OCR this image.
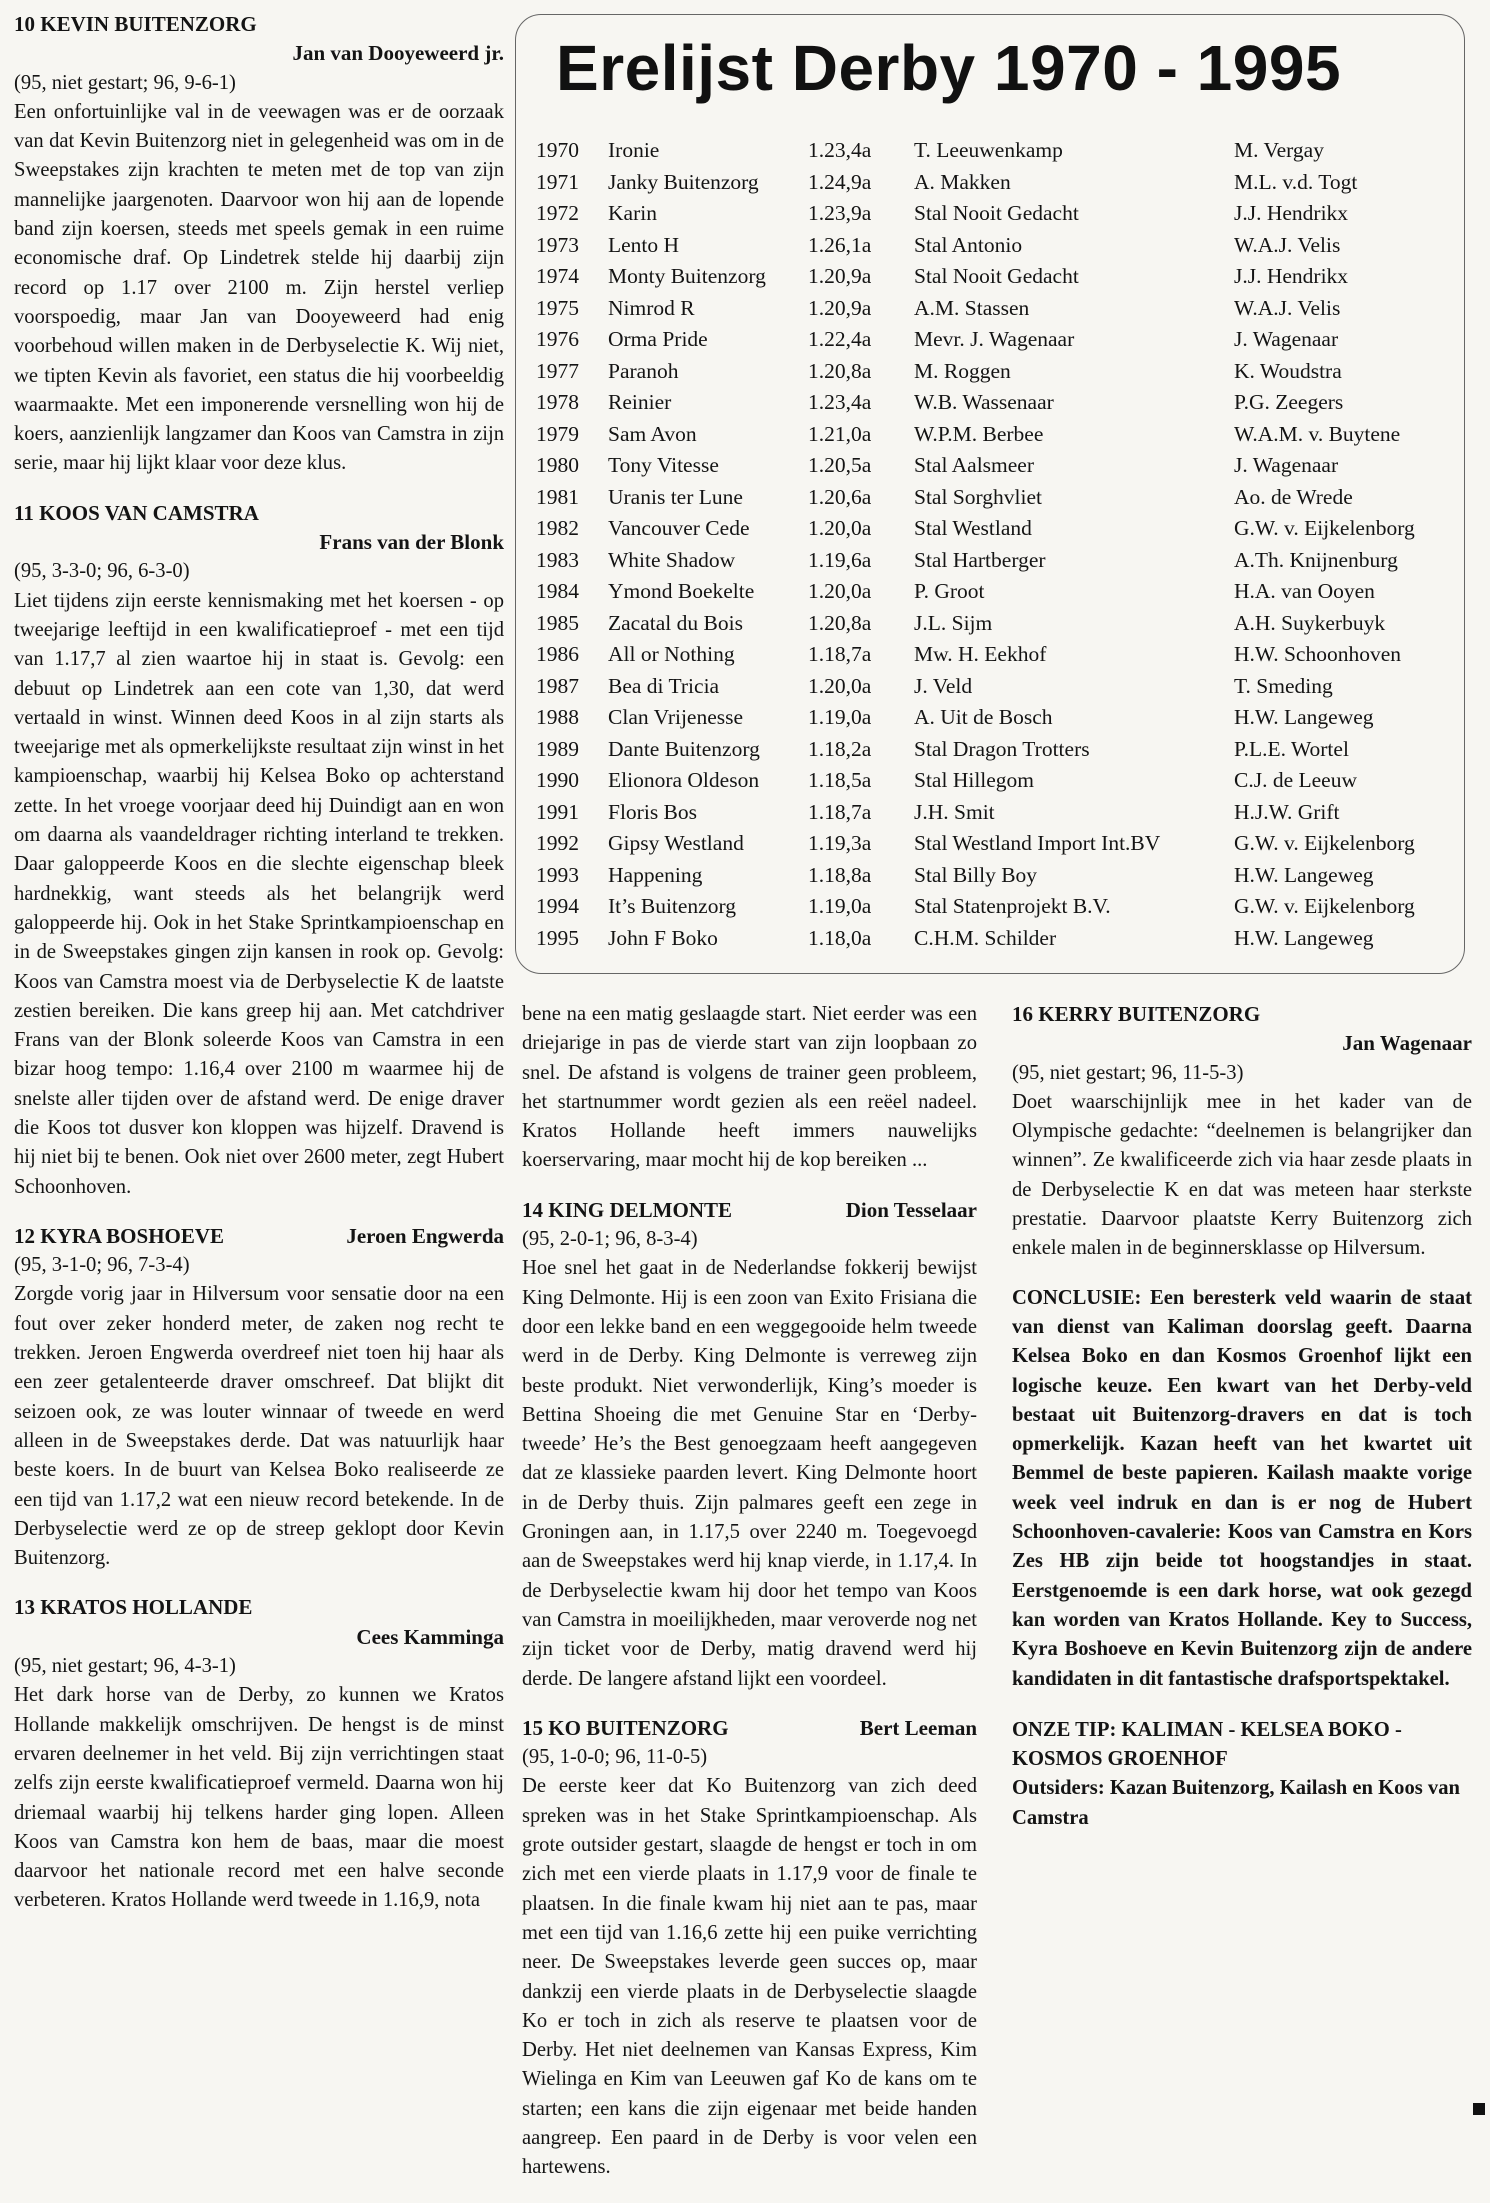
10 KEVIN BUITENZORG
Jan van Dooyeweerd jr.
(95, niet gestart; 96, 9-6-1)

Een onfortuinlijke val in de veewagen was er de oorzaak van dat Kevin Buitenzorg niet in gelegenheid was om in de Sweepstakes zijn krachten te meten met de top van zijn mannelijke jaargenoten. Daarvoor won hij aan de lopende band zijn koersen, steeds met speels gemak in een ruime economische draf. Op Lindetrek stelde hij daarbij zijn record op 1.17 over 2100 m. Zijn herstel verliep voorspoedig, maar Jan van Dooyeweerd had enig voorbehoud willen maken in de Derbyselectie K. Wij niet, we tipten Kevin als favoriet, een status die hij voorbeeldig waarmaakte. Met een imponerende versnelling won hij de koers, aanzienlijk langzamer dan Koos van Camstra in zijn serie, maar hij lijkt klaar voor deze klus.

11 KOOS VAN CAMSTRA
Frans van der Blonk
(95, 3-3-0; 96, 6-3-0)

Liet tijdens zijn eerste kennismaking met het koersen - op tweejarige leeftijd in een kwalificatieproef - met een tijd van 1.17,7 al zien waartoe hij in staat is. Gevolg: een debuut op Lindetrek aan een cote van 1,30, dat werd vertaald in winst. Winnen deed Koos in al zijn starts als tweejarige met als opmerkelijkste resultaat zijn winst in het kampioenschap, waarbij hij Kelsea Boko op achterstand zette. In het vroege voorjaar deed hij Duindigt aan en won om daarna als vaandeldrager richting interland te trekken. Daar galoppeerde Koos en die slechte eigenschap bleek hardnekkig, want steeds als het belangrijk werd galoppeerde hij. Ook in het Stake Sprintkampioenschap en in de Sweepstakes gingen zijn kansen in rook op. Gevolg: Koos van Camstra moest via de Derbyselectie K de laatste zestien bereiken. Die kans greep hij aan. Met catchdriver Frans van der Blonk soleerde Koos van Camstra in een bizar hoog tempo: 1.16,4 over 2100 m waarmee hij de snelste aller tijden over de afstand werd. De enige draver die Koos tot dusver kon kloppen was hijzelf. Dravend is hij niet bij te benen. Ook niet over 2600 meter, zegt Hubert Schoonhoven.

12 KYRA BOSHOEVE	Jeroen Engwerda
(95, 3-1-0; 96, 7-3-4)

Zorgde vorig jaar in Hilversum voor sensatie door na een fout over zeker honderd meter, de zaken nog recht te trekken. Jeroen Engwerda overdreef niet toen hij haar als een zeer getalenteerde draver omschreef. Dat blijkt dit seizoen ook, ze was louter winnaar of tweede en werd alleen in de Sweepstakes derde. Dat was natuurlijk haar beste koers. In de buurt van Kelsea Boko realiseerde ze een tijd van 1.17,2 wat een nieuw record betekende. In de Derbyselectie werd ze op de streep geklopt door Kevin Buitenzorg.

13 KRATOS HOLLANDE
Cees Kamminga
(95, niet gestart; 96, 4-3-1)

Het dark horse van de Derby, zo kunnen we Kratos Hollande makkelijk omschrijven. De hengst is de minst ervaren deelnemer in het veld. Bij zijn verrichtingen staat zelfs zijn eerste kwalificatieproef vermeld. Daarna won hij driemaal waarbij hij telkens harder ging lopen. Alleen Koos van Camstra kon hem de baas, maar die moest daarvoor het nationale record met een halve seconde verbeteren. Kratos Hollande werd tweede in 1.16,9, nota

Erelijst Derby 1970 - 1995
1970	Ironie	1.23,4a	T. Leeuwenkamp	M. Vergay
1971	Janky Buitenzorg	1.24,9a	A. Makken	M.L. v.d. Togt
1972	Karin	1.23,9a	Stal Nooit Gedacht	J.J. Hendrikx
1973	Lento H	1.26,1a	Stal Antonio	W.A.J. Velis
1974	Monty Buitenzorg	1.20,9a	Stal Nooit Gedacht	J.J. Hendrikx
1975	Nimrod R	1.20,9a	A.M. Stassen	W.A.J. Velis
1976	Orma Pride	1.22,4a	Mevr. J. Wagenaar	J. Wagenaar
1977	Paranoh	1.20,8a	M. Roggen	K. Woudstra
1978	Reinier	1.23,4a	W.B. Wassenaar	P.G. Zeegers
1979	Sam Avon	1.21,0a	W.P.M. Berbee	W.A.M. v. Buytene
1980	Tony Vitesse	1.20,5a	Stal Aalsmeer	J. Wagenaar
1981	Uranis ter Lune	1.20,6a	Stal Sorghvliet	Ao. de Wrede
1982	Vancouver Cede	1.20,0a	Stal Westland	G.W. v. Eijkelenborg
1983	White Shadow	1.19,6a	Stal Hartberger	A.Th. Knijnenburg
1984	Ymond Boekelte	1.20,0a	P. Groot	H.A. van Ooyen
1985	Zacatal du Bois	1.20,8a	J.L. Sijm	A.H. Suykerbuyk
1986	All or Nothing	1.18,7a	Mw. H. Eekhof	H.W. Schoonhoven
1987	Bea di Tricia	1.20,0a	J. Veld	T. Smeding
1988	Clan Vrijenesse	1.19,0a	A. Uit de Bosch	H.W. Langeweg
1989	Dante Buitenzorg	1.18,2a	Stal Dragon Trotters	P.L.E. Wortel
1990	Elionora Oldeson	1.18,5a	Stal Hillegom	C.J. de Leeuw
1991	Floris Bos	1.18,7a	J.H. Smit	H.J.W. Grift
1992	Gipsy Westland	1.19,3a	Stal Westland Import Int.BV	G.W. v. Eijkelenborg
1993	Happening	1.18,8a	Stal Billy Boy	H.W. Langeweg
1994	It’s Buitenzorg	1.19,0a	Stal Statenprojekt B.V.	G.W. v. Eijkelenborg
1995	John F Boko	1.18,0a	C.H.M. Schilder	H.W. Langeweg

bene na een matig geslaagde start. Niet eerder was een driejarige in pas de vierde start van zijn loopbaan zo snel. De afstand is volgens de trainer geen probleem, het startnummer wordt gezien als een reëel nadeel. Kratos Hollande heeft immers nauwelijks koerservaring, maar mocht hij de kop bereiken ...

14 KING DELMONTE	Dion Tesselaar
(95, 2-0-1; 96, 8-3-4)

Hoe snel het gaat in de Nederlandse fokkerij bewijst King Delmonte. Hij is een zoon van Exito Frisiana die door een lekke band en een weggegooide helm tweede werd in de Derby. King Delmonte is verreweg zijn beste produkt. Niet verwonderlijk, King’s moeder is Bettina Shoeing die met Genuine Star en ‘Derby-tweede’ He’s the Best genoegzaam heeft aangegeven dat ze klassieke paarden levert. King Delmonte hoort in de Derby thuis. Zijn palmares geeft een zege in Groningen aan, in 1.17,5 over 2240 m. Toegevoegd aan de Sweepstakes werd hij knap vierde, in 1.17,4. In de Derbyselectie kwam hij door het tempo van Koos van Camstra in moeilijkheden, maar veroverde nog net zijn ticket voor de Derby, matig dravend werd hij derde. De langere afstand lijkt een voordeel.

15 KO BUITENZORG	Bert Leeman
(95, 1-0-0; 96, 11-0-5)

De eerste keer dat Ko Buitenzorg van zich deed spreken was in het Stake Sprintkampioenschap. Als grote outsider gestart, slaagde de hengst er toch in om zich met een vierde plaats in 1.17,9 voor de finale te plaatsen. In die finale kwam hij niet aan te pas, maar met een tijd van 1.16,6 zette hij een puike verrichting neer. De Sweepstakes leverde geen succes op, maar dankzij een vierde plaats in de Derbyselectie slaagde Ko er toch in zich als reserve te plaatsen voor de Derby. Het niet deelnemen van Kansas Express, Kim Wielinga en Kim van Leeuwen gaf Ko de kans om te starten; een kans die zijn eigenaar met beide handen aangreep. Een paard in de Derby is voor velen een hartewens.

16 KERRY BUITENZORG
Jan Wagenaar
(95, niet gestart; 96, 11-5-3)

Doet waarschijnlijk mee in het kader van de Olympische gedachte: “deelnemen is belangrijker dan winnen”. Ze kwalificeerde zich via haar zesde plaats in de Derbyselectie K en dat was meteen haar sterkste prestatie. Daarvoor plaatste Kerry Buitenzorg zich enkele malen in de beginnersklasse op Hilversum.

CONCLUSIE: Een beresterk veld waarin de staat van dienst van Kaliman doorslag geeft. Daarna Kelsea Boko en dan Kosmos Groenhof lijkt een logische keuze. Een kwart van het Derby-veld bestaat uit Buitenzorg-dravers en dat is toch opmerkelijk. Kazan heeft van het kwartet uit Bemmel de beste papieren. Kailash maakte vorige week veel indruk en dan is er nog de Hubert Schoonhoven-cavalerie: Koos van Camstra en Kors Zes HB zijn beide tot hoogstandjes in staat. Eerstgenoemde is een dark horse, wat ook gezegd kan worden van Kratos Hollande. Key to Success, Kyra Boshoeve en Kevin Buitenzorg zijn de andere kandidaten in dit fantastische drafsportspektakel.

ONZE TIP: KALIMAN - KELSEA BOKO - KOSMOS GROENHOF
Outsiders: Kazan Buitenzorg, Kailash en Koos van Camstra
